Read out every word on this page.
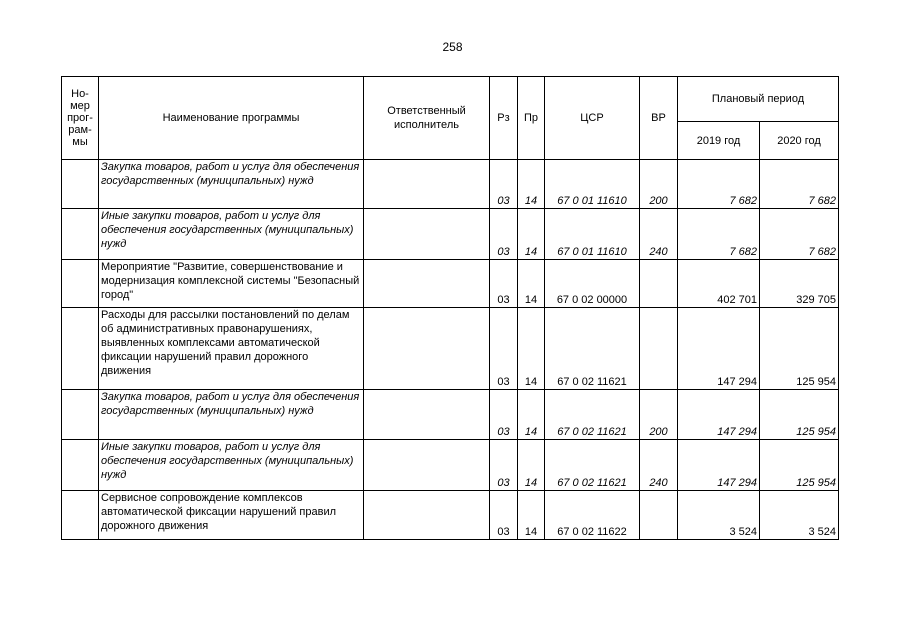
258
Но-
мер
прог-
рам-
мы	Наименование программы	Ответственный исполнитель	Рз	Пр	ЦСР	ВР	Плановый период	
							2019 год	2020 год
	Закупка товаров, работ и услуг для обеспечения государственных (муниципальных) нужд		03	14	67 0 01 11610	200	7 682	7 682
	Иные закупки товаров, работ и услуг для обеспечения государственных (муниципальных) нужд		03	14	67 0 01 11610	240	7 682	7 682
	Мероприятие "Развитие, совершенствование и модернизация комплексной системы "Безопасный город"		03	14	67 0 02 00000		402 701	329 705
	Расходы для рассылки постановлений по делам об административных правонарушениях, выявленных комплексами автоматической фиксации нарушений правил дорожного движения		03	14	67 0 02 11621		147 294	125 954
	Закупка товаров, работ и услуг для обеспечения государственных (муниципальных) нужд		03	14	67 0 02 11621	200	147 294	125 954
	Иные закупки товаров, работ и услуг для обеспечения государственных (муниципальных) нужд		03	14	67 0 02 11621	240	147 294	125 954
	Сервисное сопровождение комплексов автоматической фиксации нарушений правил дорожного движения		03	14	67 0 02 11622		3 524	3 524
